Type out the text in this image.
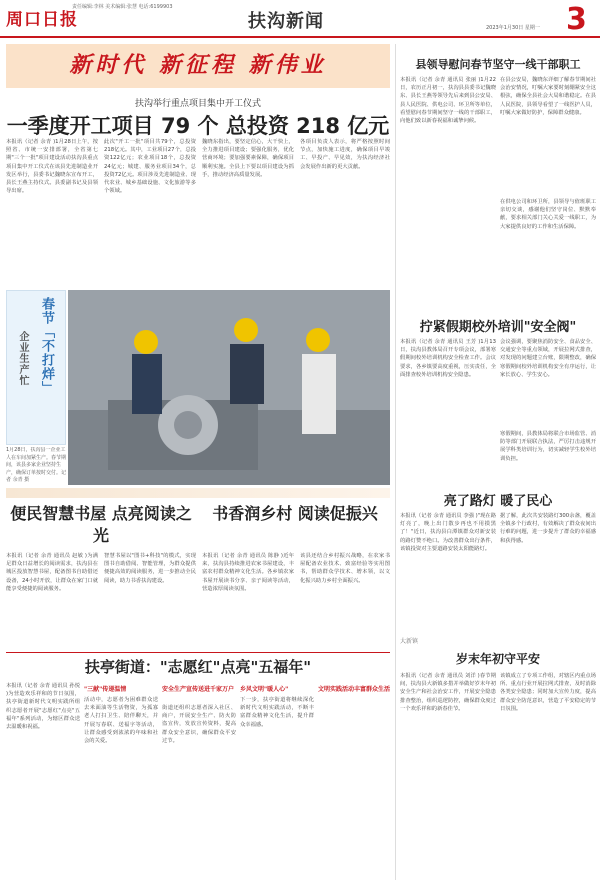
周口日报
责任编辑:李林 美术编辑:张慧 电话:6199903
扶沟新闻	2023年1月30日 星期一 3
新时代 新征程 新伟业
扶沟举行重点项目集中开工仪式
一季度开工项目 79 个 总投资 218 亿元
本报讯（记者 余青 )1月28日上午，按照省、市统一安排部署，全省第七期"三个一批"项目建设活动扶沟县重点项目集中开工仪式在该县先进制造业开发区举行，县委书记魏晓东宣布开工，县长王燕主持仪式。县委副书记及县领导出席。
此次"开工一批"项目共79个，总投资218亿元。其中，工业项目27个，总投资122亿元；农业项目18个，总投资24亿元；城建、服务业项目34个，总投资72亿元。项目涉及先进制造业、现代农业、城乡基础设施、文化旅游等多个领域。
魏晓东指出，要坚定信心，大干快上，全力推进项目建设；要强化服务，优化营商环境；要加强要素保障，确保项目顺利实施。全县上下要以项目建设为抓手，推动经济高质量发展。
各项目负责人表示，将严格按照时间节点，加快施工进度，确保项目早竣工、早投产、早见效，为扶沟经济社会发展作出新的更大贡献。
春节「不打烊」
企业生产忙
1月28日，扶沟县一企业工人在车间加紧生产。春节期间，该县多家企业坚持生产，确保订单按时交付。记者 余青 摄
便民智慧书屋 点亮阅读之光
书香润乡村 阅读促振兴
本报讯（记者 余青 通讯员 赵敏 )为满足群众日益增长的阅读需求，扶沟县在城区投放智慧书屋，配备图书自助借还设备，24小时开放，让群众在家门口就能享受便捷的阅读服务。
智慧书屋以"图书+科技"的模式，实现图书自助借阅、智能管理，为群众提供便捷高效的阅读服务，进一步推动全民阅读，助力书香扶沟建设。
本报讯（记者 余青 通讯员 陈静 )近年来，扶沟县持续推进农家书屋建设，丰富农村群众精神文化生活。各乡镇农家书屋开展读书分享、亲子阅读等活动，营造浓厚阅读氛围。
该县还结合乡村振兴战略，在农家书屋配备农业技术、致富经验等实用图书，帮助群众学技术、增本领，以文化振兴助力乡村全面振兴。
扶亭街道："志愿红"点亮"五福年"
本报讯（记者 余青 通讯员 孙悦 )为营造欢乐祥和的节日氛围，扶亭街道新时代文明实践所组织志愿者开展"志愿红"点亮"五福年"系列活动，为辖区群众送去温暖和祝福。
"三献"传递温情
活动中，志愿者为困难群众送去米面油等生活物资，为孤寡老人打扫卫生、陪伴聊天，并开展写春联、送福字等活动，让群众感受到浓浓的年味和社会的关爱。
安全生产宣传送进千家万户
街道还组织志愿者深入社区、商户，开展安全生产、防火防盗宣传，发放宣传资料，提高群众安全意识，确保群众平安过节。
乡风文明"暖人心"
下一步，扶亭街道将继续深化新时代文明实践活动，不断丰富群众精神文化生活，提升群众幸福感。
文明实践活动丰富群众生活
县领导慰问春节坚守一线干部职工
本报讯（记者 余青 通讯员 张丽 )1月22日，农历正月初一，扶沟县县委书记魏晓东、县长王燕等领导先后来到县公安局、县人民医院、供电公司、环卫所等单位，看望慰问春节期间坚守一线的干部职工，向他们致以新春祝福和诚挚问候。
在县公安局，魏晓东详细了解春节期间社会治安情况，叮嘱大家要时刻绷紧安全这根弦，确保全县社会大局和谐稳定。在县人民医院，县领导看望了一线医护人员，叮嘱大家做好防护，保障群众健康。
在供电公司和环卫所，县领导与值班职工亲切交谈，感谢他们坚守岗位、默默奉献，要求相关部门关心关爱一线职工，为大家提供良好的工作和生活保障。
拧紧假期校外培训"安全阀"
本报讯（记者 余青 通讯员 王芳 )1月13日，扶沟县教体局召开专项会议，部署寒假期间校外培训机构安全检查工作。会议要求，各乡镇要高度重视，压实责任，全面排查校外培训机构安全隐患。
会议强调，要聚焦消防安全、食品安全、交通安全等重点领域，开展拉网式排查，对发现的问题建立台账，限期整改，确保寒假期间校外培训机构安全有序运行，让家长放心、学生安心。
寒假期间，县教体局将联合市场监管、消防等部门开展联合执法，严厉打击违规开展学科类培训行为，切实减轻学生校外培训负担。
亮了路灯 暖了民心
本报讯（记者 余青 通讯员 李强 )"现在路灯亮了，晚上出门散步再也不用摸黑了！"近日，扶沟县白潭镇群众对新安装的路灯赞不绝口。为改善群众出行条件，该镇投资对主要道路安装太阳能路灯。
据了解，此次共安装路灯300余盏，覆盖全镇多个行政村，有效解决了群众夜间出行难的问题，进一步提升了群众的幸福感和获得感。
大新镇
岁末年初守平安
本报讯（记者 余青 通讯员 刘洋 )春节期间，扶沟县大新镇多措并举做好岁末年初安全生产和社会治安工作，开展安全隐患排查整治，组织巡逻防控，确保群众度过一个欢乐祥和的新春佳节。
该镇成立了专项工作组，对辖区内重点场所、重点行业开展拉网式排查，及时消除各类安全隐患；同时加大宣传力度，提高群众安全防范意识，营造了平安稳定的节日氛围。
